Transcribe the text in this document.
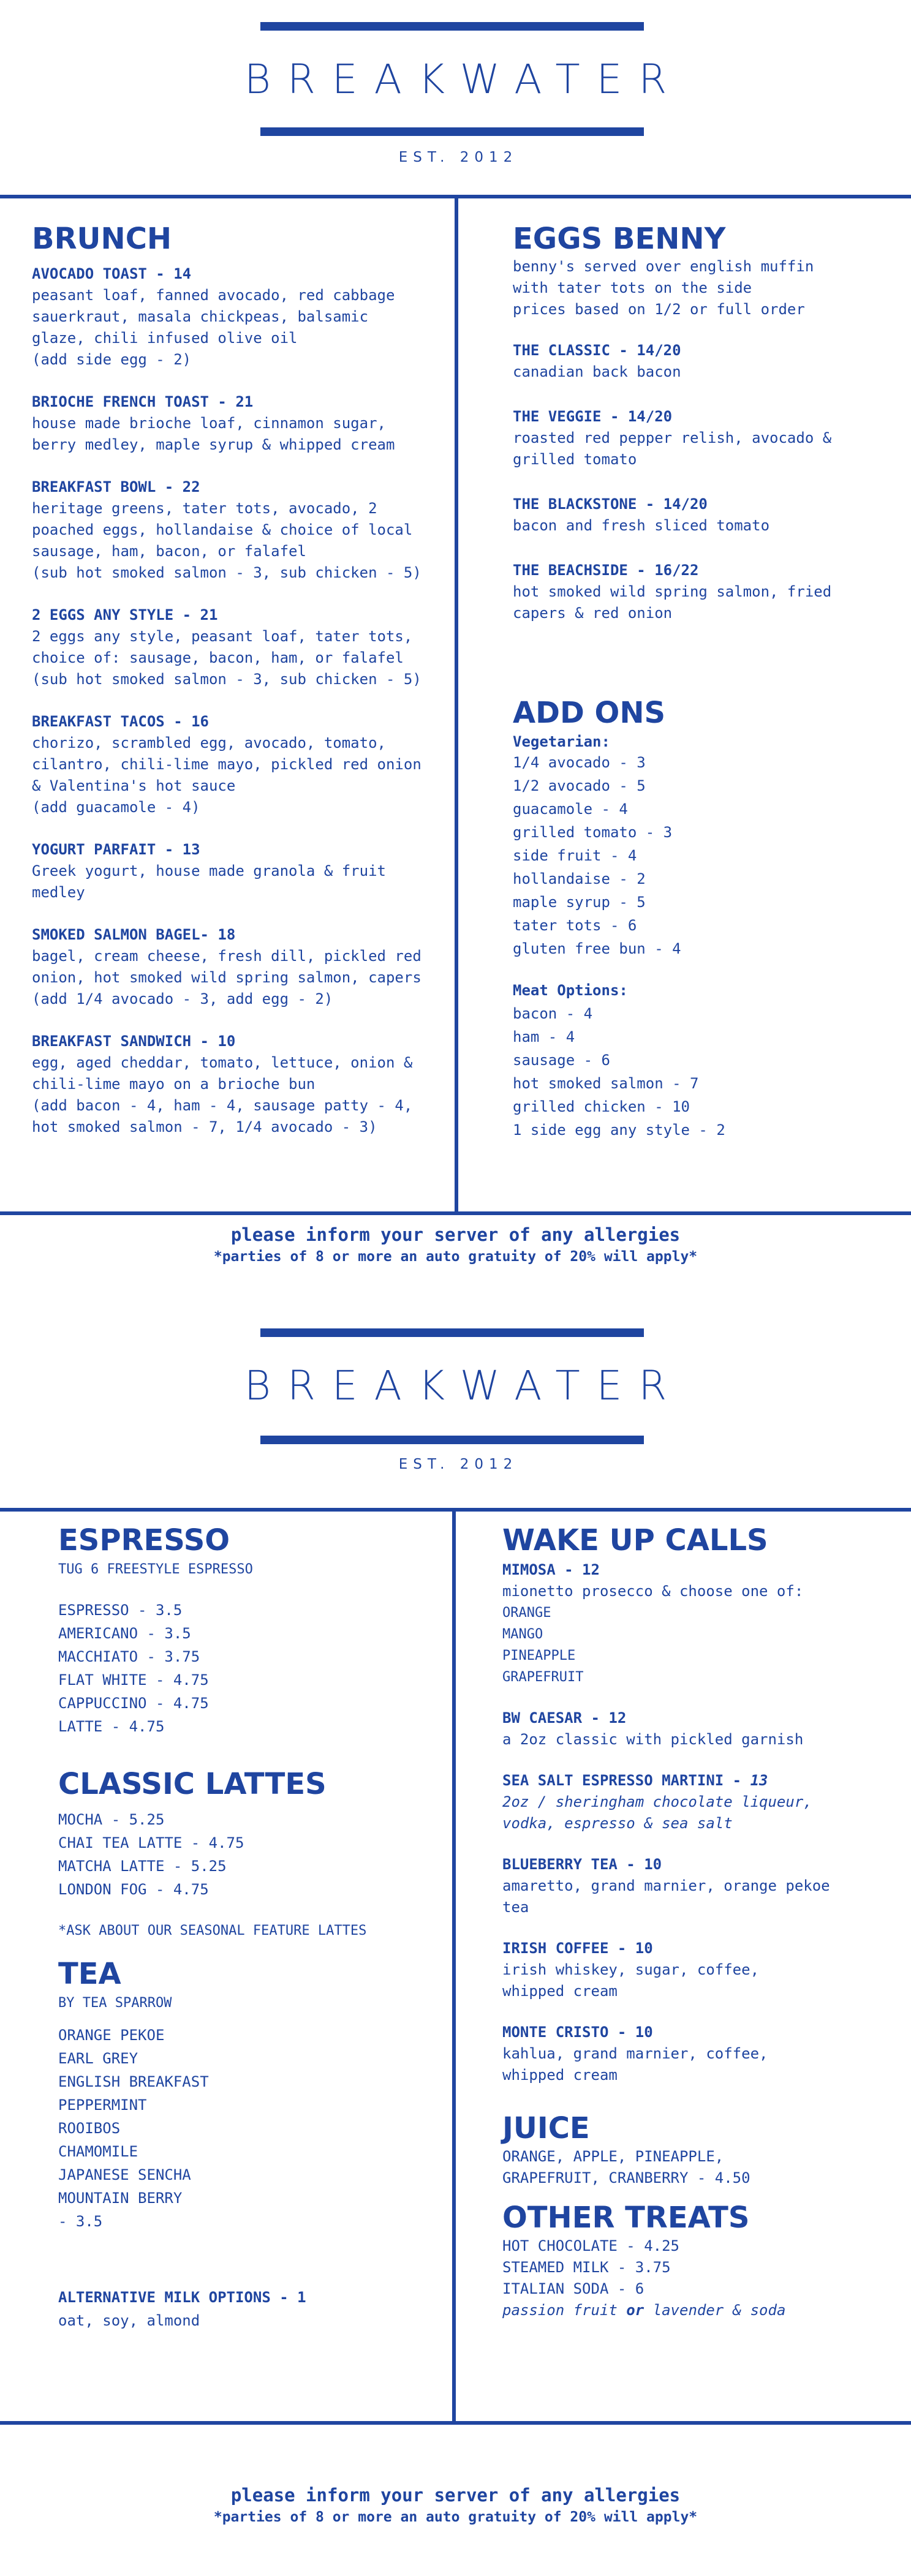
BREAKWATER
EST. 2012
BRUNCH
AVOCADO TOAST - 14
peasant loaf, fanned avocado, red cabbage
sauerkraut, masala chickpeas, balsamic
glaze, chili infused olive oil
(add side egg - 2)
BRIOCHE FRENCH TOAST - 21
house made brioche loaf, cinnamon sugar,
berry medley, maple syrup & whipped cream
BREAKFAST BOWL - 22
heritage greens, tater tots, avocado, 2
poached eggs, hollandaise & choice of local
sausage, ham, bacon, or falafel
(sub hot smoked salmon - 3, sub chicken - 5)
2 EGGS ANY STYLE - 21
2 eggs any style, peasant loaf, tater tots,
choice of: sausage, bacon, ham, or falafel
(sub hot smoked salmon - 3, sub chicken - 5)
BREAKFAST TACOS - 16
chorizo, scrambled egg, avocado, tomato,
cilantro, chili-lime mayo, pickled red onion
& Valentina's hot sauce
(add guacamole - 4)
YOGURT PARFAIT - 13
Greek yogurt, house made granola & fruit
medley
SMOKED SALMON BAGEL- 18
bagel, cream cheese, fresh dill, pickled red
onion, hot smoked wild spring salmon, capers
(add 1/4 avocado - 3, add egg - 2)
BREAKFAST SANDWICH - 10
egg, aged cheddar, tomato, lettuce, onion &
chili-lime mayo on a brioche bun
(add bacon - 4, ham - 4, sausage patty - 4,
hot smoked salmon - 7, 1/4 avocado - 3)
EGGS BENNY
benny's served over english muffin
with tater tots on the side
prices based on 1/2 or full order
THE CLASSIC - 14/20
canadian back bacon
THE VEGGIE - 14/20
roasted red pepper relish, avocado &
grilled tomato
THE BLACKSTONE - 14/20
bacon and fresh sliced tomato
THE BEACHSIDE - 16/22
hot smoked wild spring salmon, fried
capers & red onion
ADD ONS
Vegetarian:
1/4 avocado - 3
1/2 avocado - 5
guacamole - 4
grilled tomato - 3
side fruit - 4
hollandaise - 2
maple syrup - 5
tater tots - 6
gluten free bun - 4
Meat Options:
bacon - 4
ham - 4
sausage - 6
hot smoked salmon - 7
grilled chicken - 10
1 side egg any style - 2
please inform your server of any allergies
*parties of 8 or more an auto gratuity of 20% will apply*
BREAKWATER
EST. 2012
ESPRESSO
TUG 6 FREESTYLE ESPRESSO
ESPRESSO - 3.5
AMERICANO - 3.5
MACCHIATO - 3.75
FLAT WHITE - 4.75
CAPPUCCINO - 4.75
LATTE - 4.75
CLASSIC LATTES
MOCHA - 5.25
CHAI TEA LATTE - 4.75
MATCHA LATTE - 5.25
LONDON FOG - 4.75
*ASK ABOUT OUR SEASONAL FEATURE LATTES
TEA
BY TEA SPARROW
ORANGE PEKOE
EARL GREY
ENGLISH BREAKFAST
PEPPERMINT
ROOIBOS
CHAMOMILE
JAPANESE SENCHA
MOUNTAIN BERRY
- 3.5
ALTERNATIVE MILK OPTIONS - 1
oat, soy, almond
WAKE UP CALLS
MIMOSA - 12
mionetto prosecco & choose one of:
ORANGE
MANGO
PINEAPPLE
GRAPEFRUIT
BW CAESAR - 12
a 2oz classic with pickled garnish
SEA SALT ESPRESSO MARTINI - 13
2oz / sheringham chocolate liqueur,
vodka, espresso & sea salt
BLUEBERRY TEA - 10
amaretto, grand marnier, orange pekoe
tea
IRISH COFFEE - 10
irish whiskey, sugar, coffee,
whipped cream
MONTE CRISTO - 10
kahlua, grand marnier, coffee,
whipped cream
JUICE
ORANGE, APPLE, PINEAPPLE,
GRAPEFRUIT, CRANBERRY - 4.50
OTHER TREATS
HOT CHOCOLATE - 4.25
STEAMED MILK - 3.75
ITALIAN SODA - 6
passion fruit or lavender & soda
please inform your server of any allergies
*parties of 8 or more an auto gratuity of 20% will apply*
